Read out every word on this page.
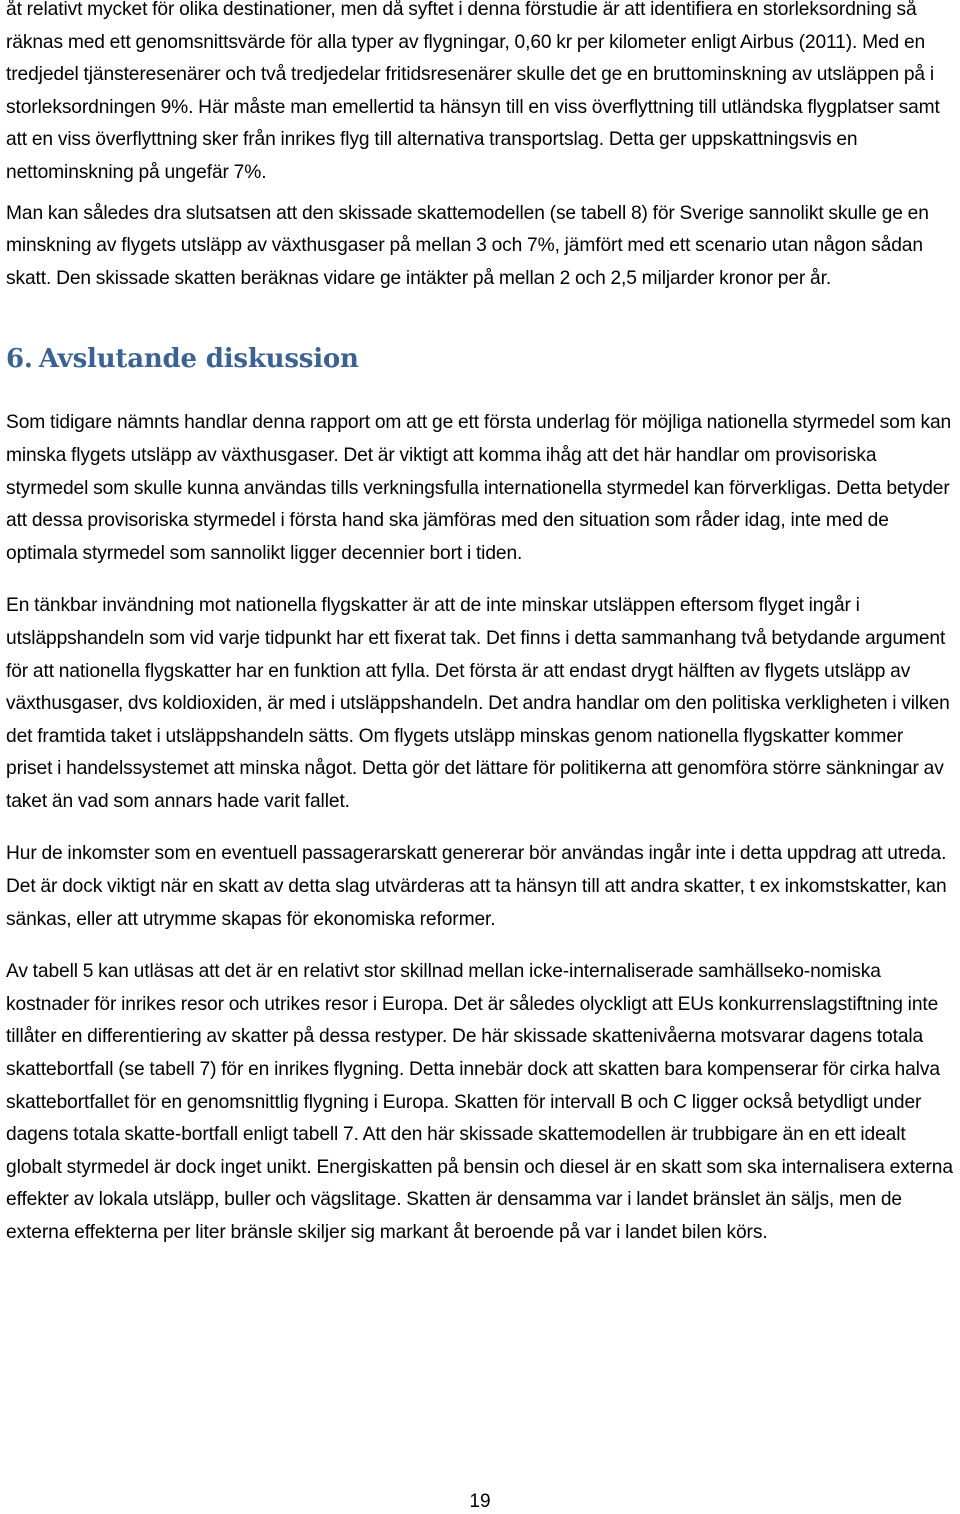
åt relativt mycket för olika destinationer, men då syftet i denna förstudie är att identifiera en storleksordning så räknas med ett genomsnittsvärde för alla typer av flygningar, 0,60 kr per kilometer enligt Airbus (2011). Med en tredjedel tjänsteresenärer och två tredjedelar fritidsresenärer skulle det ge en bruttominskning av utsläppen på i storleksordningen 9%. Här måste man emellertid ta hänsyn till en viss överflyttning till utländska flygplatser samt att en viss överflyttning sker från inrikes flyg till alternativa transportslag. Detta ger uppskattningsvis en nettominskning på ungefär 7%.

Man kan således dra slutsatsen att den skissade skattemodellen (se tabell 8) för Sverige sannolikt skulle ge en minskning av flygets utsläpp av växthusgaser på mellan 3 och 7%, jämfört med ett scenario utan någon sådan skatt. Den skissade skatten beräknas vidare ge intäkter på mellan 2 och 2,5 miljarder kronor per år.

6. Avslutande diskussion

Som tidigare nämnts handlar denna rapport om att ge ett första underlag för möjliga nationella styrmedel som kan minska flygets utsläpp av växthusgaser. Det är viktigt att komma ihåg att det här handlar om provisoriska styrmedel som skulle kunna användas tills verkningsfulla internationella styrmedel kan förverkligas. Detta betyder att dessa provisoriska styrmedel i första hand ska jämföras med den situation som råder idag, inte med de optimala styrmedel som sannolikt ligger decennier bort i tiden.

En tänkbar invändning mot nationella flygskatter är att de inte minskar utsläppen eftersom flyget ingår i utsläppshandeln som vid varje tidpunkt har ett fixerat tak. Det finns i detta sammanhang två betydande argument för att nationella flygskatter har en funktion att fylla. Det första är att endast drygt hälften av flygets utsläpp av växthusgaser, dvs koldioxiden, är med i utsläppshandeln. Det andra handlar om den politiska verkligheten i vilken det framtida taket i utsläppshandeln sätts. Om flygets utsläpp minskas genom nationella flygskatter kommer priset i handelssystemet att minska något. Detta gör det lättare för politikerna att genomföra större sänkningar av taket än vad som annars hade varit fallet.

Hur de inkomster som en eventuell passagerarskatt genererar bör användas ingår inte i detta uppdrag att utreda. Det är dock viktigt när en skatt av detta slag utvärderas att ta hänsyn till att andra skatter, t ex inkomstskatter, kan sänkas, eller att utrymme skapas för ekonomiska reformer.

Av tabell 5 kan utläsas att det är en relativt stor skillnad mellan icke-internaliserade samhällseko-nomiska kostnader för inrikes resor och utrikes resor i Europa. Det är således olyckligt att EUs konkurrenslagstiftning inte tillåter en differentiering av skatter på dessa restyper. De här skissade skattenivåerna motsvarar dagens totala skattebortfall (se tabell 7) för en inrikes flygning. Detta innebär dock att skatten bara kompenserar för cirka halva skattebortfallet för en genomsnittlig flygning i Europa. Skatten för intervall B och C ligger också betydligt under dagens totala skatte-bortfall enligt tabell 7. Att den här skissade skattemodellen är trubbigare än en ett idealt globalt styrmedel är dock inget unikt. Energiskatten på bensin och diesel är en skatt som ska internalisera externa effekter av lokala utsläpp, buller och vägslitage. Skatten är densamma var i landet bränslet än säljs, men de externa effekterna per liter bränsle skiljer sig markant åt beroende på var i landet bilen körs.

19
